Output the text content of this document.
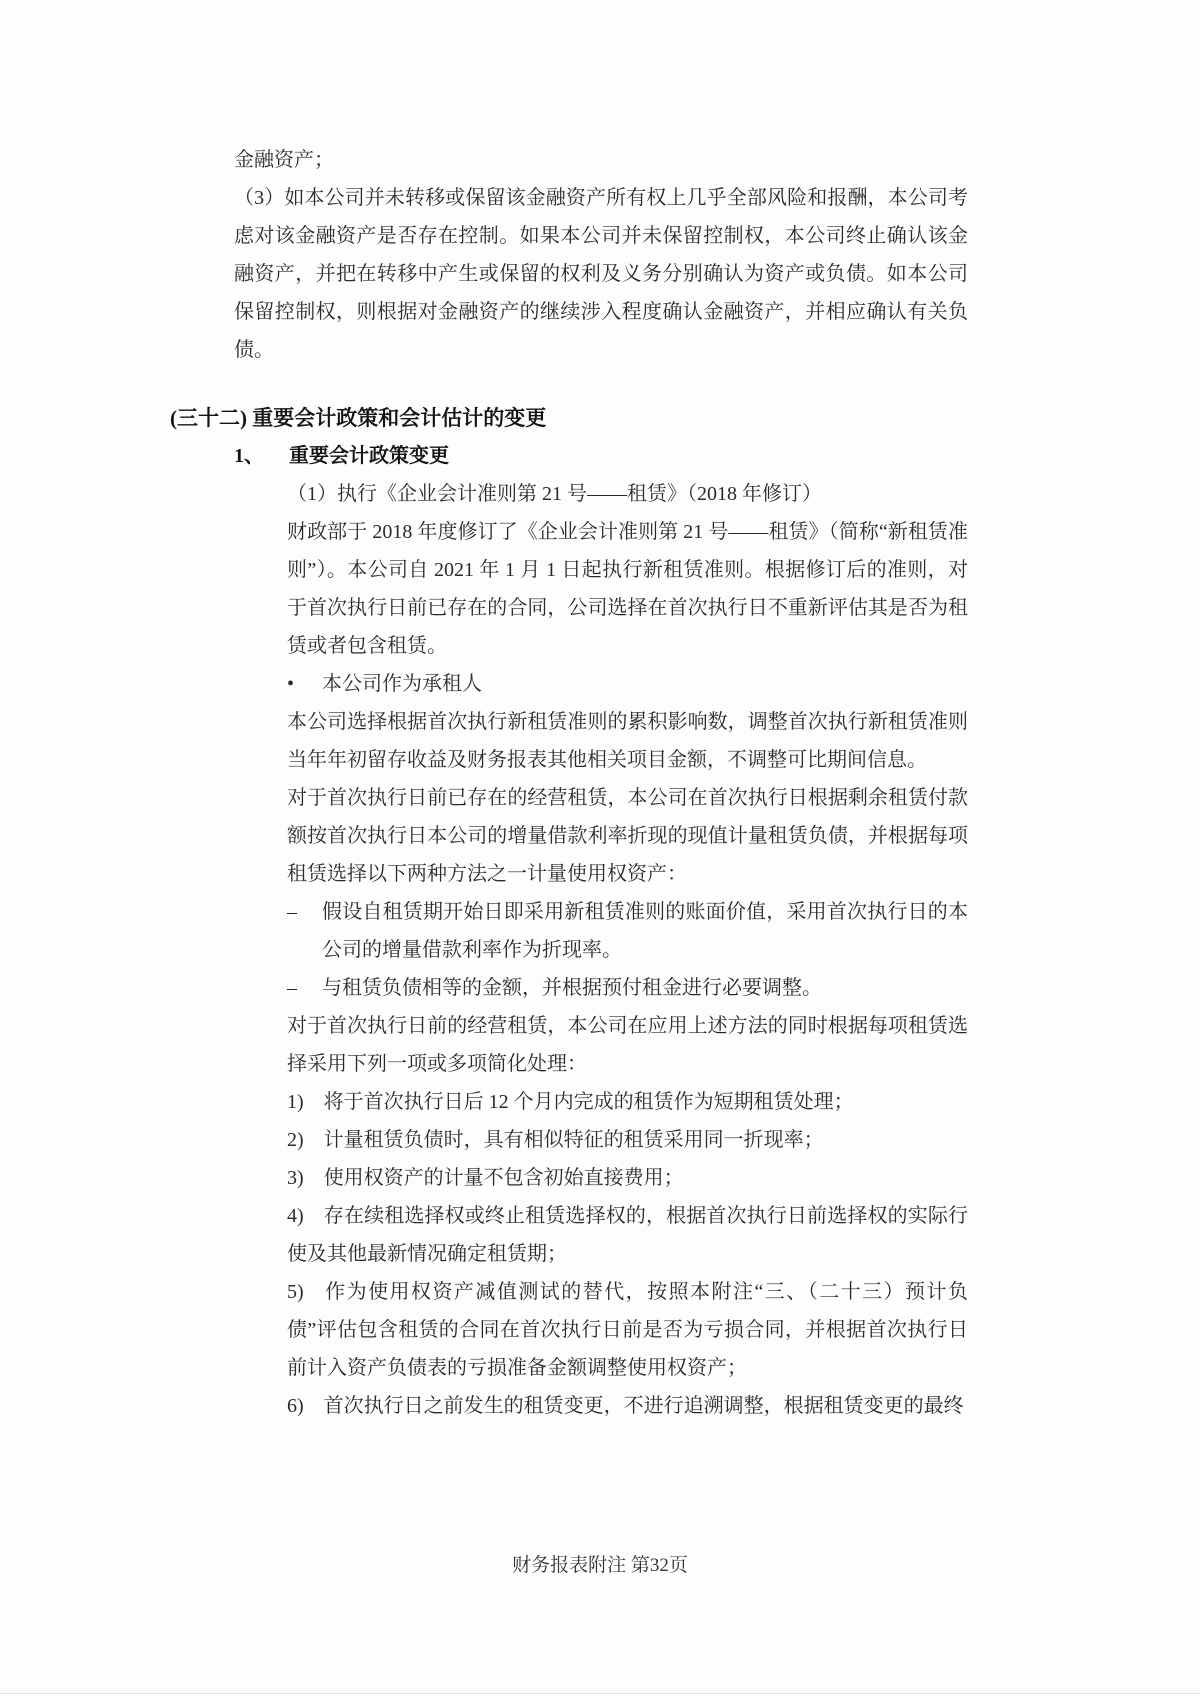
金融资产；

（3）如本公司并未转移或保留该金融资产所有权上几乎全部风险和报酬，本公司考虑对该金融资产是否存在控制。如果本公司并未保留控制权，本公司终止确认该金融资产，并把在转移中产生或保留的权利及义务分别确认为资产或负债。如本公司保留控制权，则根据对金融资产的继续涉入程度确认金融资产，并相应确认有关负债。

(三十二) 重要会计政策和会计估计的变更
1、	重要会计政策变更

（1）执行《企业会计准则第 21 号——租赁》（2018 年修订）

财政部于 2018 年度修订了《企业会计准则第 21 号——租赁》（简称“新租赁准则”）。本公司自 2021 年 1 月 1 日起执行新租赁准则。根据修订后的准则，对于首次执行日前已存在的合同，公司选择在首次执行日不重新评估其是否为租赁或者包含租赁。

•	本公司作为承租人

本公司选择根据首次执行新租赁准则的累积影响数，调整首次执行新租赁准则当年年初留存收益及财务报表其他相关项目金额，不调整可比期间信息。

对于首次执行日前已存在的经营租赁，本公司在首次执行日根据剩余租赁付款额按首次执行日本公司的增量借款利率折现的现值计量租赁负债，并根据每项租赁选择以下两种方法之一计量使用权资产：

–	假设自租赁期开始日即采用新租赁准则的账面价值，采用首次执行日的本公司的增量借款利率作为折现率。
–	与租赁负债相等的金额，并根据预付租金进行必要调整。

对于首次执行日前的经营租赁，本公司在应用上述方法的同时根据每项租赁选择采用下列一项或多项简化处理：

1) 将于首次执行日后 12 个月内完成的租赁作为短期租赁处理；

2) 计量租赁负债时，具有相似特征的租赁采用同一折现率；

3) 使用权资产的计量不包含初始直接费用；

4) 存在续租选择权或终止租赁选择权的，根据首次执行日前选择权的实际行使及其他最新情况确定租赁期；

5) 作为使用权资产减值测试的替代，按照本附注“三、（二十三）预计负债”评估包含租赁的合同在首次执行日前是否为亏损合同，并根据首次执行日前计入资产负债表的亏损准备金额调整使用权资产；

6) 首次执行日之前发生的租赁变更，不进行追溯调整，根据租赁变更的最终

财务报表附注 第32页
